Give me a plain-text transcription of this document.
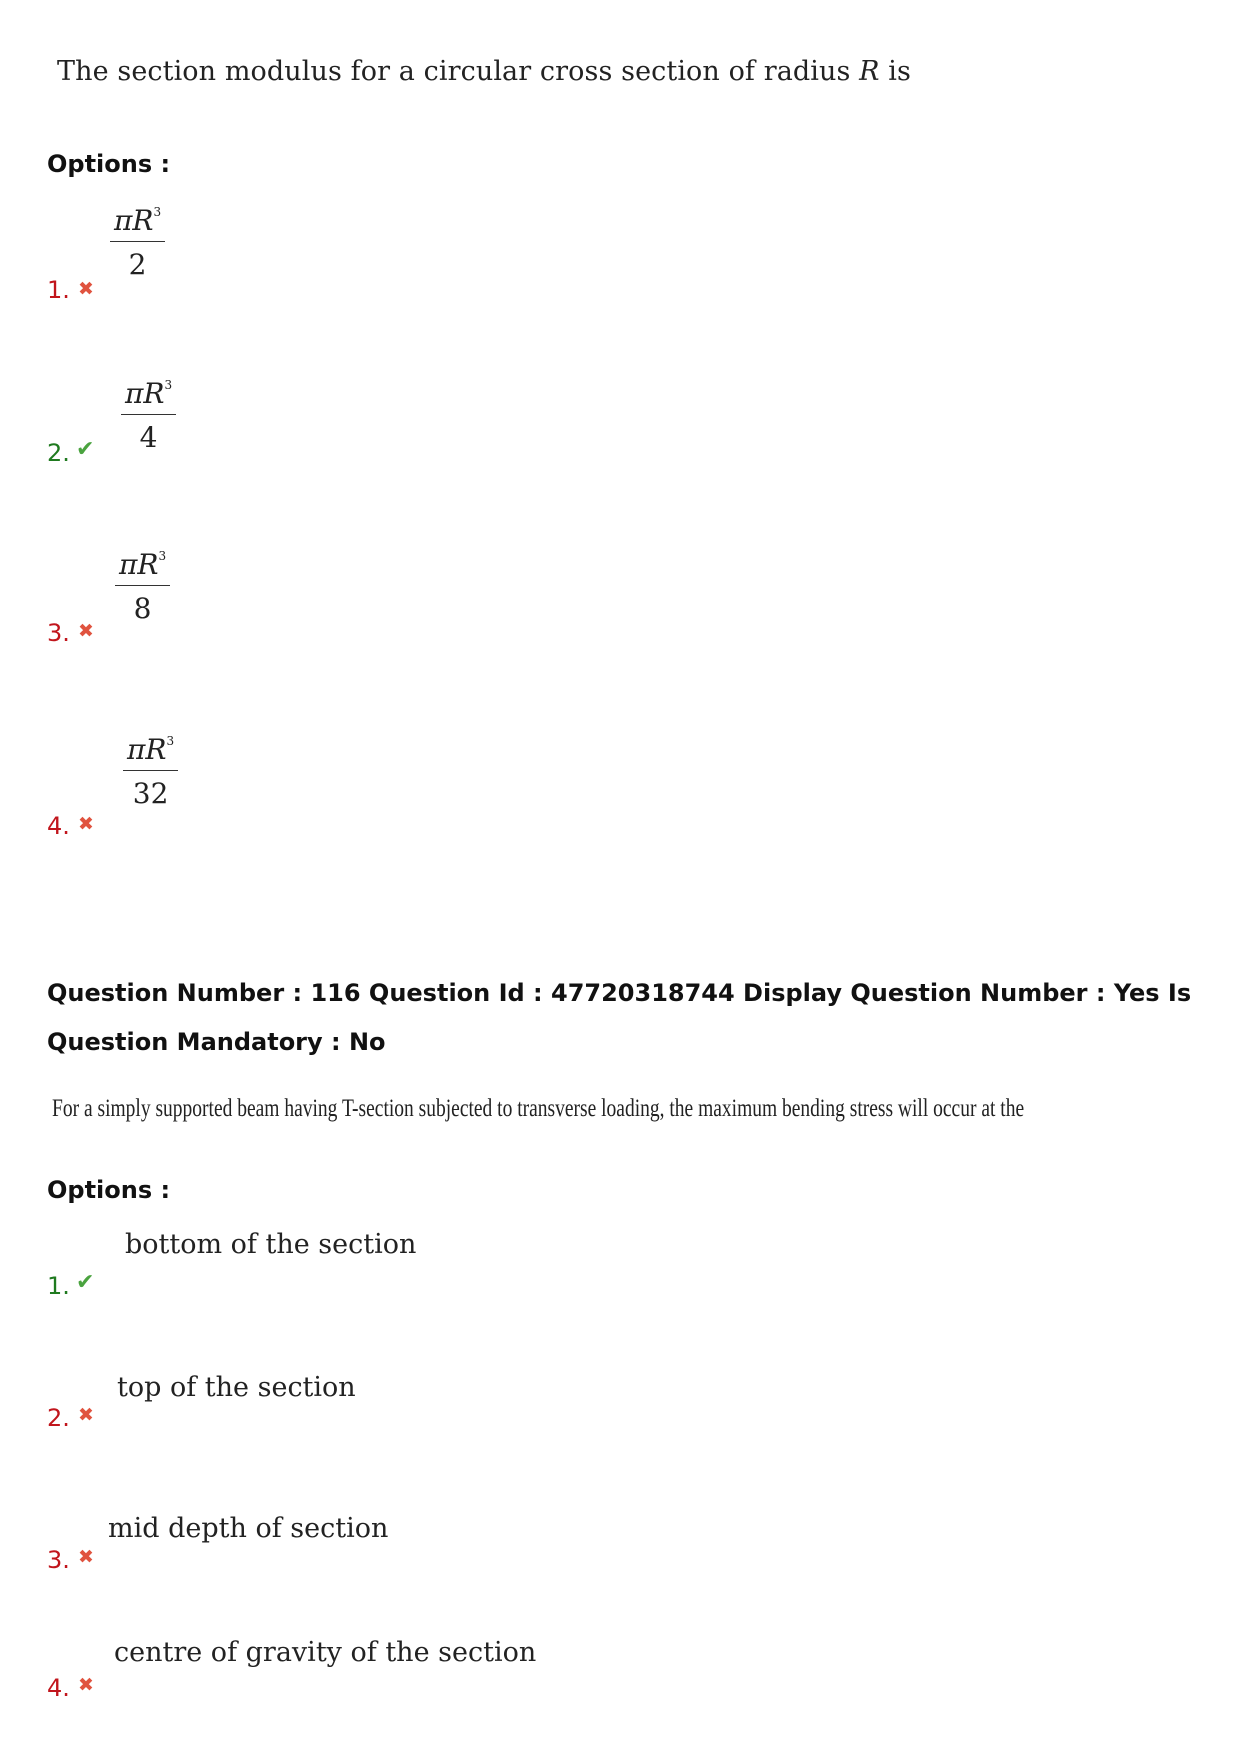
The section modulus for a circular cross section of radius R is
Options :
1. ✖
$\frac{\pi R^3}{2}$
2. ✔ $\frac{\pi R^3}{4}$
3. ✖
$\frac{\pi R^3}{8}$
4. ✖
$\frac{\pi R^3}{32}$
Question Number : 116 Question Id : 47720318744 Display Question Number : Yes Is Question Mandatory : No
For a simply supported beam having T-section subjected to transverse loading, the maximum bending stress will occur at the
Options :
bottom of the section
1. ✔
top of the section
2. ✖
mid depth of section
3. ✖
centre of gravity of the section
4. ✖
